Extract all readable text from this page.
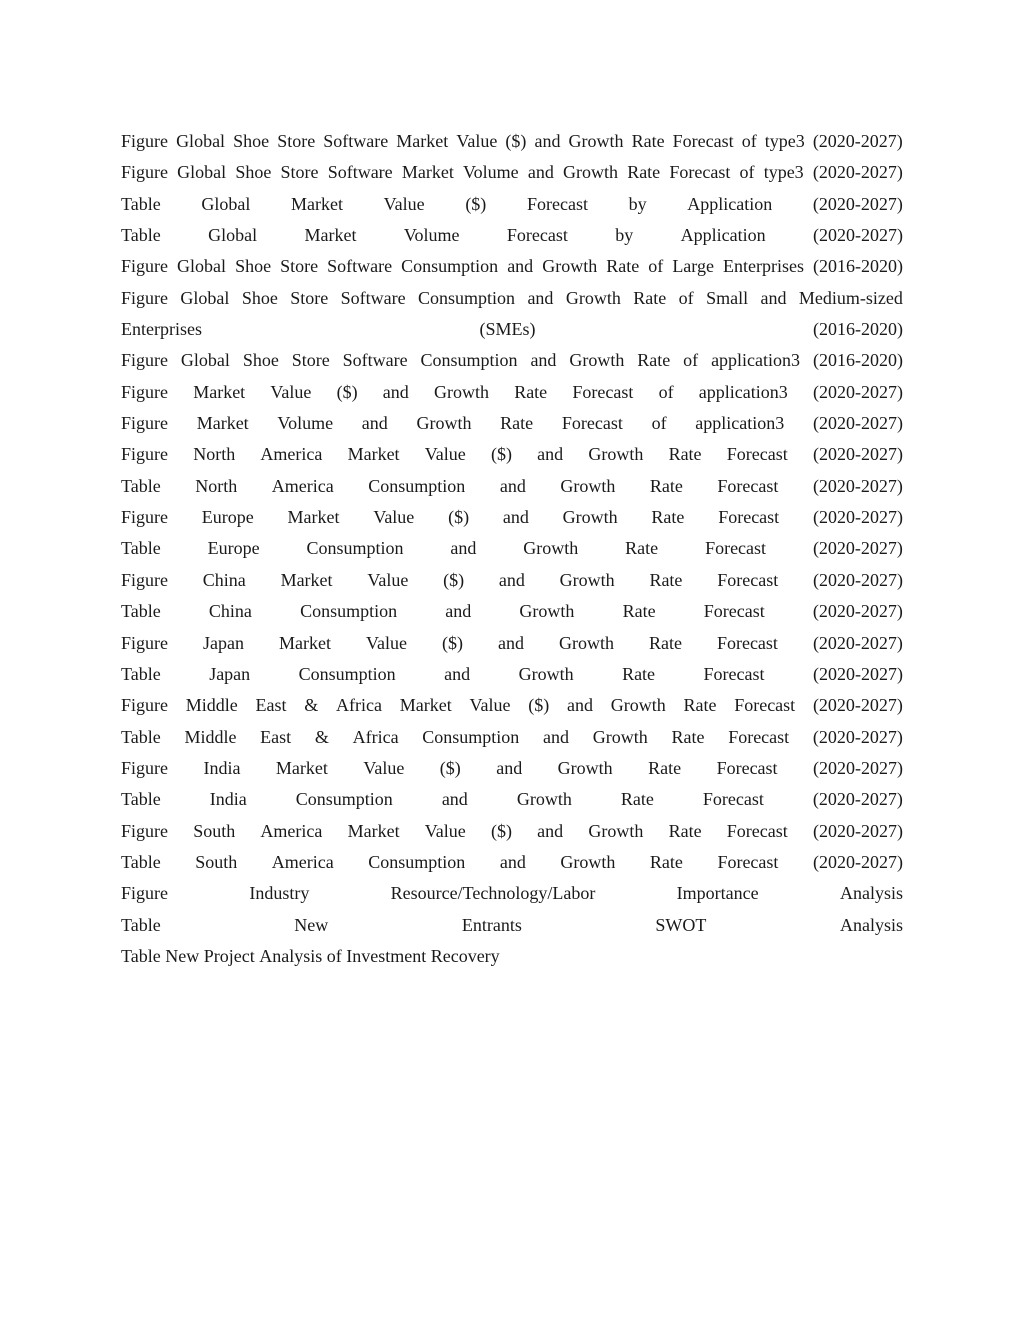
Figure Global Shoe Store Software Market Value ($) and Growth Rate Forecast of type3 (2020-2027)
Figure Global Shoe Store Software Market Volume and Growth Rate Forecast of type3 (2020-2027)
Table Global Market Value ($) Forecast by Application (2020-2027)
Table	Global	Market	Volume	Forecast	by	Application	(2020-2027)
Figure Global Shoe Store Software Consumption and Growth Rate of Large Enterprises (2016-2020)
Figure Global Shoe Store Software Consumption and Growth Rate of Small and Medium-sized
Enterprises	(SMEs)	(2016-2020)
Figure Global Shoe Store Software Consumption and Growth Rate of application3 (2016-2020)
Figure Market Value ($) and Growth Rate Forecast of application3 (2020-2027)
Figure Market Volume and Growth Rate Forecast of application3 (2020-2027)
Figure North America Market Value ($) and Growth Rate Forecast (2020-2027)
Table North America Consumption and Growth Rate Forecast (2020-2027)
Figure Europe Market Value ($) and Growth Rate Forecast (2020-2027)
Table	Europe	Consumption	and	Growth	Rate	Forecast	(2020-2027)
Figure China Market Value ($) and Growth Rate Forecast (2020-2027)
Table	China	Consumption	and	Growth	Rate	Forecast	(2020-2027)
Figure Japan Market Value ($) and Growth Rate Forecast (2020-2027)
Table	Japan	Consumption	and	Growth	Rate	Forecast	(2020-2027)
Figure Middle East & Africa Market Value ($) and Growth Rate Forecast (2020-2027)
Table Middle East & Africa Consumption and Growth Rate Forecast (2020-2027)
Figure India Market Value ($) and Growth Rate Forecast (2020-2027)
Table	India	Consumption	and	Growth	Rate	Forecast	(2020-2027)
Figure South America Market Value ($) and Growth Rate Forecast (2020-2027)
Table South America Consumption and Growth Rate Forecast (2020-2027)
Figure	Industry	Resource/Technology/Labor	Importance	Analysis
Table	New	Entrants	SWOT	Analysis
Table New Project Analysis of Investment Recovery
